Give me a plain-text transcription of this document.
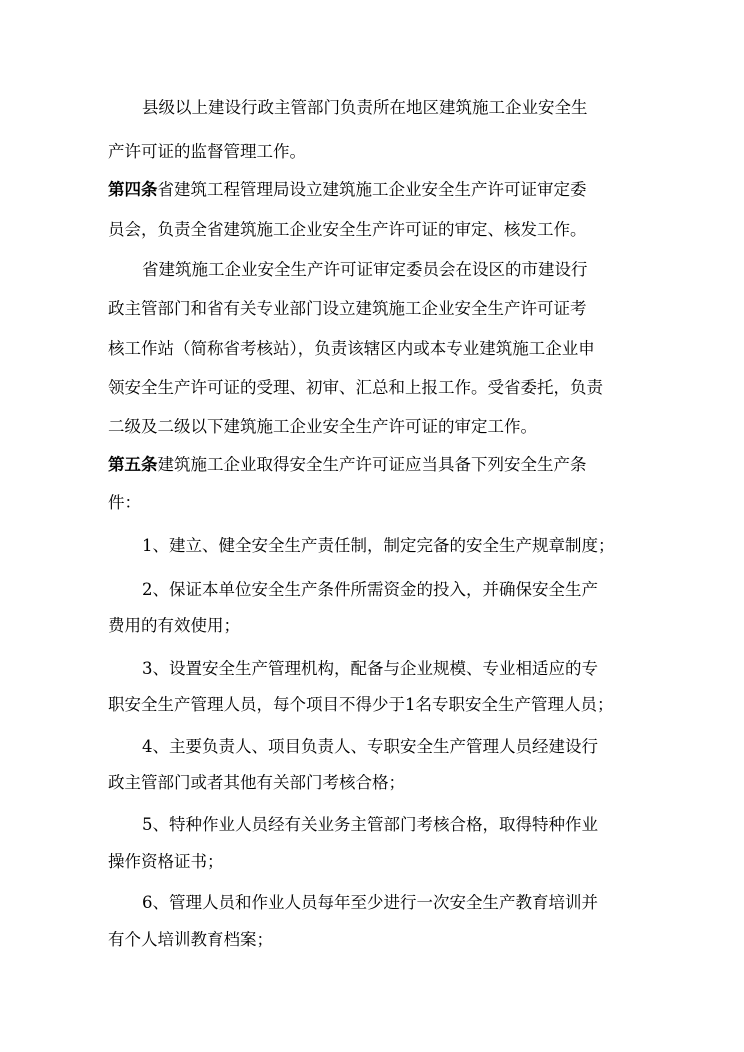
县级以上建设行政主管部门负责所在地区建筑施工企业安全生
产许可证的监督管理工作。
第四条省建筑工程管理局设立建筑施工企业安全生产许可证审定委
员会，负责全省建筑施工企业安全生产许可证的审定、核发工作。
省建筑施工企业安全生产许可证审定委员会在设区的市建设行
政主管部门和省有关专业部门设立建筑施工企业安全生产许可证考
核工作站（简称省考核站），负责该辖区内或本专业建筑施工企业申
领安全生产许可证的受理、初审、汇总和上报工作。受省委托，负责
二级及二级以下建筑施工企业安全生产许可证的审定工作。
第五条建筑施工企业取得安全生产许可证应当具备下列安全生产条
件：
1、建立、健全安全生产责任制，制定完备的安全生产规章制度；
2、保证本单位安全生产条件所需资金的投入，并确保安全生产
费用的有效使用；
3、设置安全生产管理机构，配备与企业规模、专业相适应的专
职安全生产管理人员，每个项目不得少于1名专职安全生产管理人员；
4、主要负责人、项目负责人、专职安全生产管理人员经建设行
政主管部门或者其他有关部门考核合格；
5、特种作业人员经有关业务主管部门考核合格，取得特种作业
操作资格证书；
6、管理人员和作业人员每年至少进行一次安全生产教育培训并
有个人培训教育档案；
